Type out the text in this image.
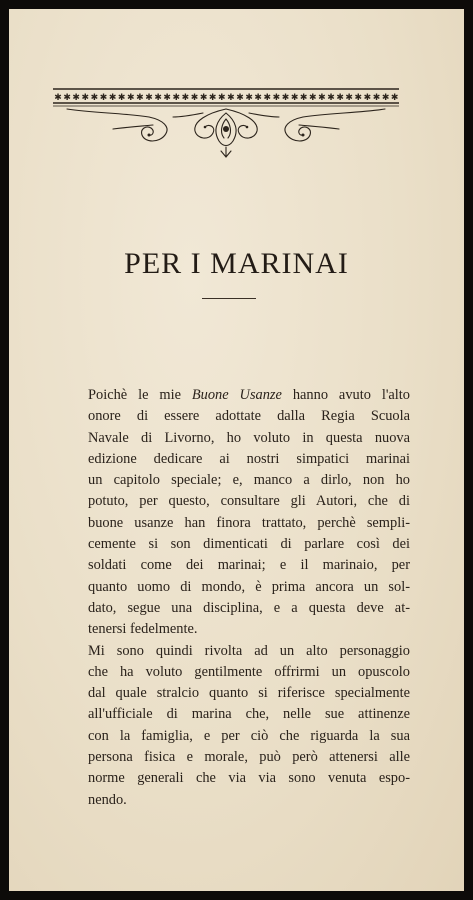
✱ ✱ ✱ ✱ ✱ ✱ ✱ ✱ ✱ ✱ ✱ ✱ ✱ ✱ ✱ ✱ ✱ ✱ ✱ ✱ ✱ ✱ ✱ ✱ ✱ ✱ ✱ ✱ ✱ ✱ ✱ ✱ ✱ ✱ ✱ ✱ ✱ ✱
PER I MARINAI

Poichè le mie Buone Usanze hanno avuto l'alto
onore di essere adottate dalla Regia Scuola
Navale di Livorno, ho voluto in questa nuova
edizione dedicare ai nostri simpatici marinai
un capitolo speciale; e, manco a dirlo, non ho
potuto, per questo, consultare gli Autori, che di
buone usanze han finora trattato, perchè sempli-
cemente si son dimenticati di parlare così dei
soldati come dei marinai; e il marinaio, per
quanto uomo di mondo, è prima ancora un sol-
dato, segue una disciplina, e a questa deve at-
tenersi fedelmente.

Mi sono quindi rivolta ad un alto personaggio
che ha voluto gentilmente offrirmi un opuscolo
dal quale stralcio quanto si riferisce specialmente
all'ufficiale di marina che, nelle sue attinenze
con la famiglia, e per ciò che riguarda la sua
persona fisica e morale, può però attenersi alle
norme generali che via via sono venuta espo-
nendo.
